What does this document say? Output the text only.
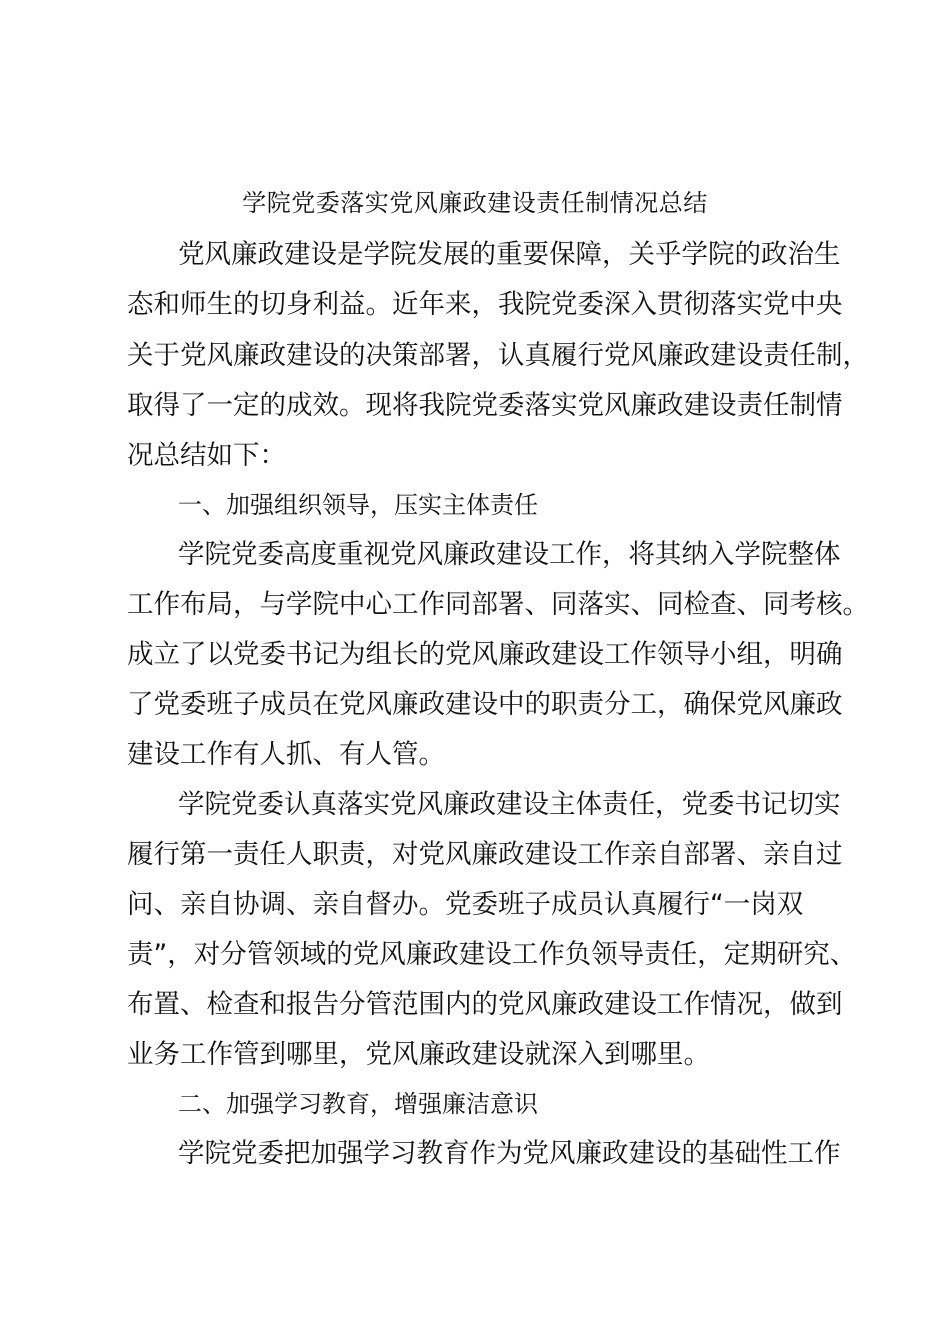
学院党委落实党风廉政建设责任制情况总结
党风廉政建设是学院发展的重要保障，关乎学院的政治生
态和师生的切身利益。近年来，我院党委深入贯彻落实党中央
关于党风廉政建设的决策部署，认真履行党风廉政建设责任制，
取得了一定的成效。现将我院党委落实党风廉政建设责任制情
况总结如下：
一、加强组织领导，压实主体责任
学院党委高度重视党风廉政建设工作，将其纳入学院整体
工作布局，与学院中心工作同部署、同落实、同检查、同考核。
成立了以党委书记为组长的党风廉政建设工作领导小组，明确
了党委班子成员在党风廉政建设中的职责分工，确保党风廉政
建设工作有人抓、有人管。
学院党委认真落实党风廉政建设主体责任，党委书记切实
履行第一责任人职责，对党风廉政建设工作亲自部署、亲自过
问、亲自协调、亲自督办。党委班子成员认真履行“一岗双
责”，对分管领域的党风廉政建设工作负领导责任，定期研究、
布置、检查和报告分管范围内的党风廉政建设工作情况，做到
业务工作管到哪里，党风廉政建设就深入到哪里。
二、加强学习教育，增强廉洁意识
学院党委把加强学习教育作为党风廉政建设的基础性工作
